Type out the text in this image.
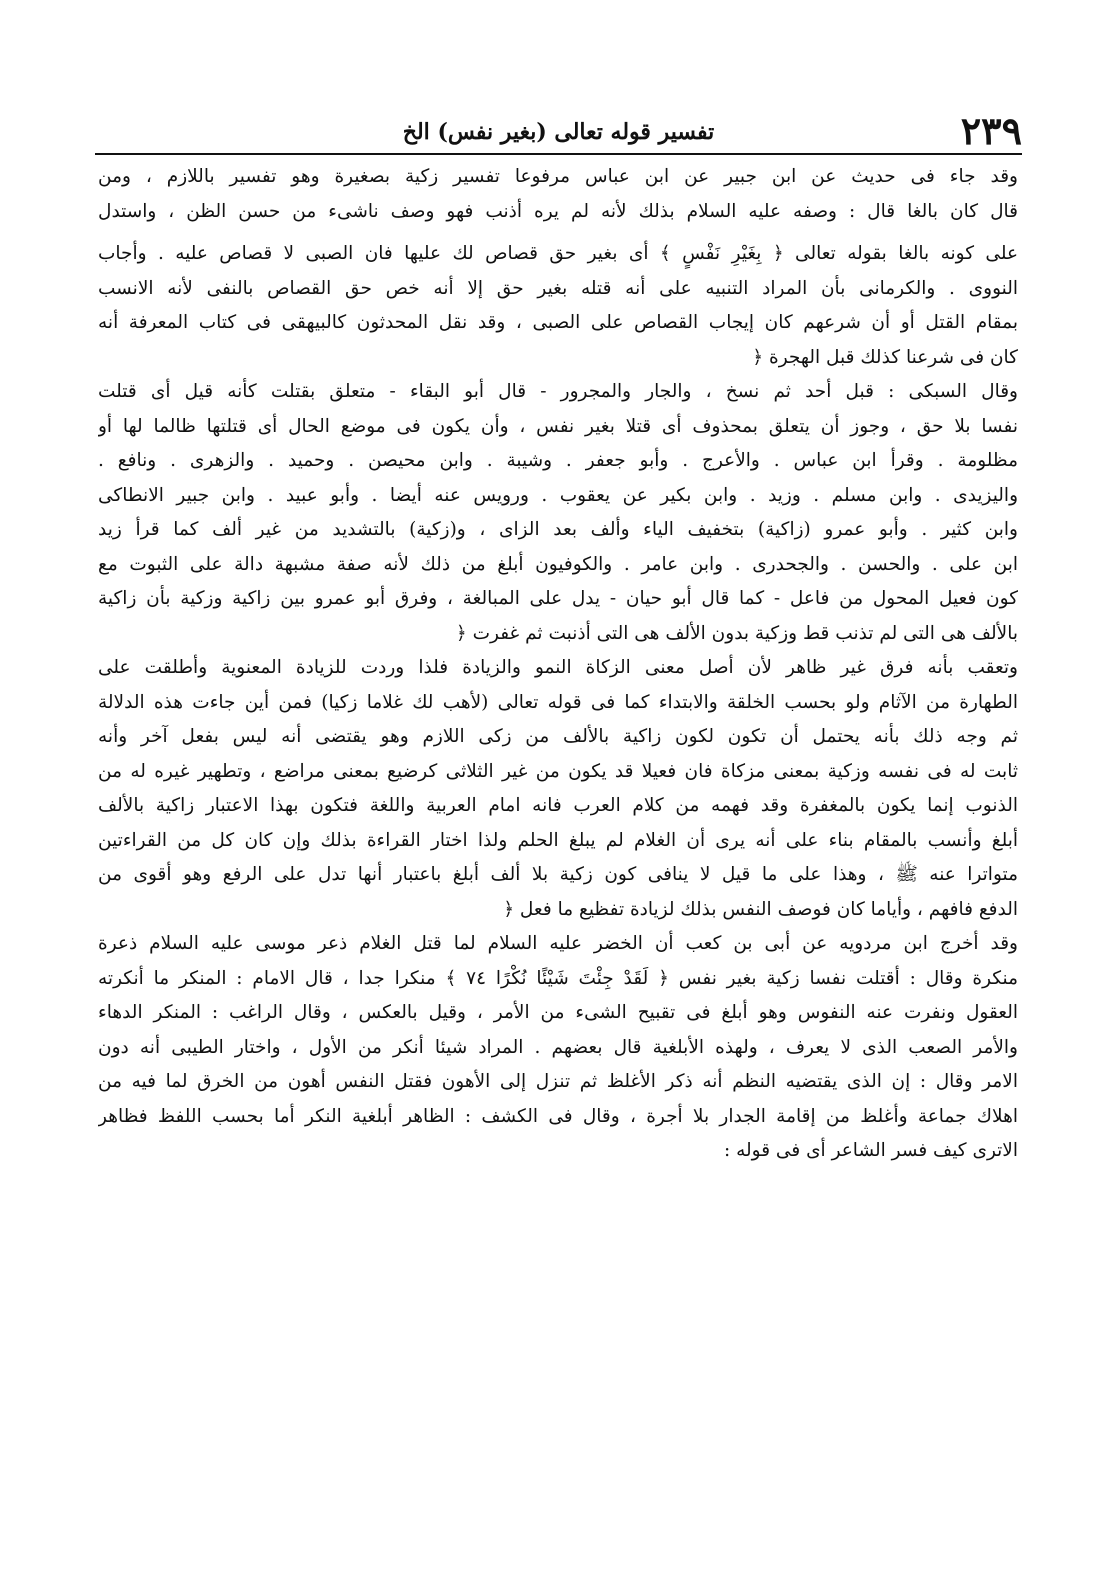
٢٣٩
تفسير قوله تعالى (بغير نفس) الخ
وقد جاء فى حديث عن ابن جبير عن ابن عباس مرفوعا تفسير زكية بصغيرة وهو تفسير باللازم ، ومن
قال كان بالغا قال : وصفه عليه السلام بذلك لأنه لم يره أذنب فهو وصف ناشىء من حسن الظن ، واستدل
على كونه بالغا بقوله تعالى ﴿ بِغَيْرِ نَفْسٍ ﴾ أى بغير حق قصاص لك عليها فان الصبى لا قصاص عليه . وأجاب
النووى . والكرمانى بأن المراد التنبيه على أنه قتله بغير حق إلا أنه خص حق القصاص بالنفى لأنه الانسب
بمقام القتل أو أن شرعهم كان إيجاب القصاص على الصبى ، وقد نقل المحدثون كالبيهقى فى كتاب المعرفة أنه
كان فى شرعنا كذلك قبل الهجرة ﴿
وقال السبكى : قبل أحد ثم نسخ ، والجار والمجرور - قال أبو البقاء - متعلق بقتلت كأنه قيل أى قتلت
نفسا بلا حق ، وجوز أن يتعلق بمحذوف أى قتلا بغير نفس ، وأن يكون فى موضع الحال أى قتلتها ظالما لها أو
مظلومة . وقرأ ابن عباس . والأعرج . وأبو جعفر . وشيبة . وابن محيصن . وحميد . والزهرى . ونافع .
واليزيدى . وابن مسلم . وزيد . وابن بكير عن يعقوب . ورويس عنه أيضا . وأبو عبيد . وابن جبير الانطاكى
وابن كثير . وأبو عمرو (زاكية) بتخفيف الياء وألف بعد الزاى ، و(زكية) بالتشديد من غير ألف كما قرأ زيد
ابن على . والحسن . والجحدرى . وابن عامر . والكوفيون أبلغ من ذلك لأنه صفة مشبهة دالة على الثبوت مع
كون فعيل المحول من فاعل - كما قال أبو حيان - يدل على المبالغة ، وفرق أبو عمرو بين زاكية وزكية بأن زاكية
بالألف هى التى لم تذنب قط وزكية بدون الألف هى التى أذنبت ثم غفرت ﴿
وتعقب بأنه فرق غير ظاهر لأن أصل معنى الزكاة النمو والزيادة فلذا وردت للزيادة المعنوية وأطلقت على
الطهارة من الآثام ولو بحسب الخلقة والابتداء كما فى قوله تعالى (لأهب لك غلاما زكيا) فمن أين جاءت هذه الدلالة
ثم وجه ذلك بأنه يحتمل أن تكون لكون زاكية بالألف من زكى اللازم وهو يقتضى أنه ليس بفعل آخر وأنه
ثابت له فى نفسه وزكية بمعنى مزكاة فان فعيلا قد يكون من غير الثلاثى كرضيع بمعنى مراضع ، وتطهير غيره له من
الذنوب إنما يكون بالمغفرة وقد فهمه من كلام العرب فانه امام العربية واللغة فتكون بهذا الاعتبار زاكية بالألف
أبلغ وأنسب بالمقام بناء على أنه يرى أن الغلام لم يبلغ الحلم ولذا اختار القراءة بذلك وإن كان كل من القراءتين
متواترا عنه ﷺ ، وهذا على ما قيل لا ينافى كون زكية بلا ألف أبلغ باعتبار أنها تدل على الرفع وهو أقوى من
الدفع فافهم ، وأياما كان فوصف النفس بذلك لزيادة تفظيع ما فعل ﴿
وقد أخرج ابن مردويه عن أبى بن كعب أن الخضر عليه السلام لما قتل الغلام ذعر موسى عليه السلام ذعرة
منكرة وقال : أقتلت نفسا زكية بغير نفس ﴿ لَقَدْ جِئْتَ شَيْئًا نُكْرًا ٧٤ ﴾ منكرا جدا ، قال الامام : المنكر ما أنكرته
العقول ونفرت عنه النفوس وهو أبلغ فى تقبيح الشىء من الأمر ، وقيل بالعكس ، وقال الراغب : المنكر الدهاء
والأمر الصعب الذى لا يعرف ، ولهذه الأبلغية قال بعضهم . المراد شيئا أنكر من الأول ، واختار الطيبى أنه دون
الامر وقال : إن الذى يقتضيه النظم أنه ذكر الأغلظ ثم تنزل إلى الأهون فقتل النفس أهون من الخرق لما فيه من
اهلاك جماعة وأغلظ من إقامة الجدار بلا أجرة ، وقال فى الكشف : الظاهر أبلغية النكر أما بحسب اللفظ فظاهر
الاترى كيف فسر الشاعر أى فى قوله :
